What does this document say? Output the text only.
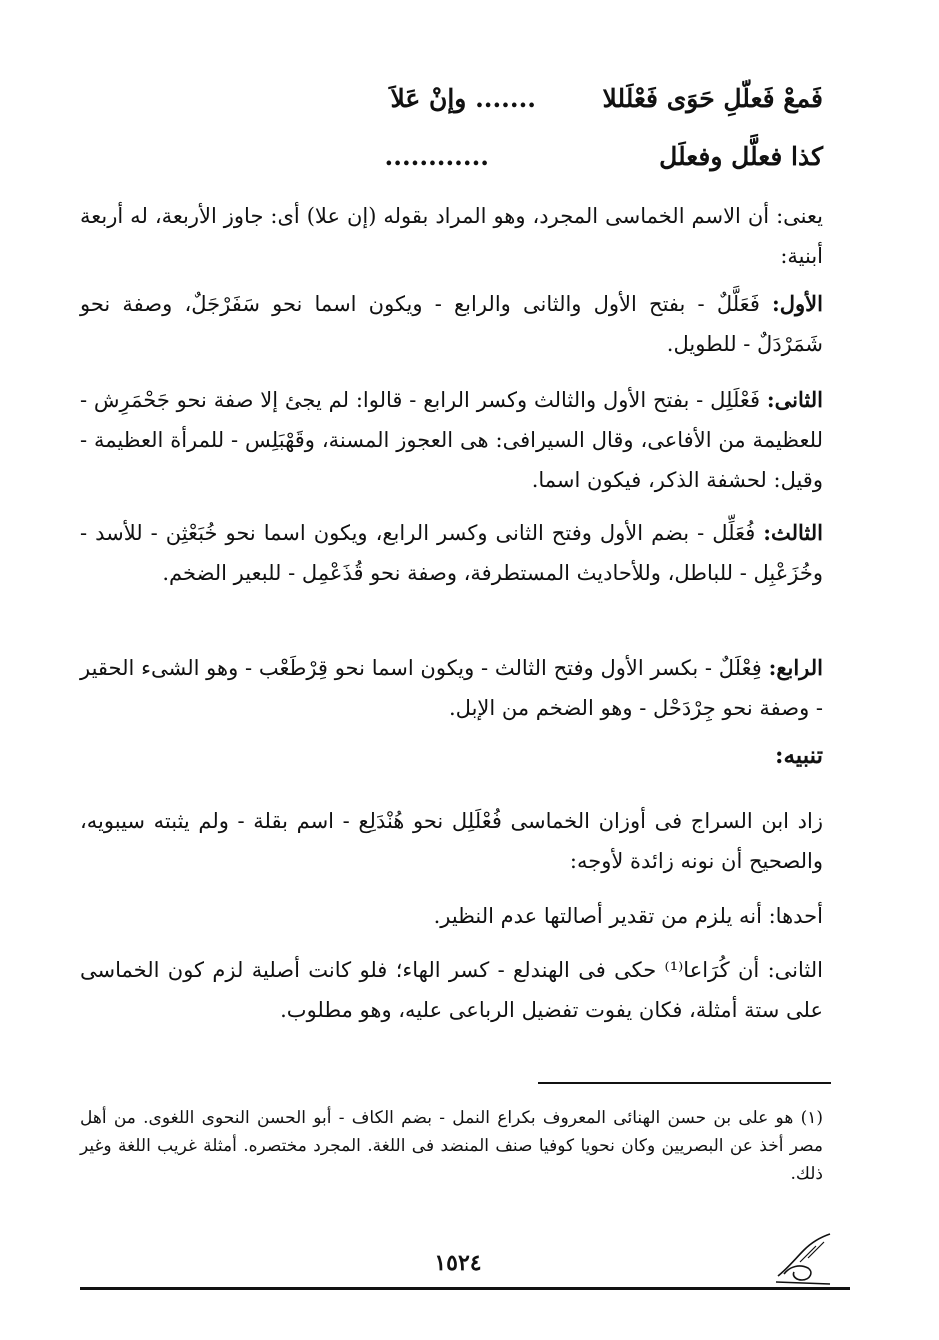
فَمعْ فَعلّلِ حَوَى فَعْلَللا
....... وإنْ عَلاَ
كذا فعلَّل وفعلَل
............

يعنى: أن الاسم الخماسى المجرد، وهو المراد بقوله (إن علا) أى: جاوز الأربعة، له أربعة أبنية:

الأول: فَعَلَّلٌ - بفتح الأول والثانى والرابع - ويكون اسما نحو سَفَرْجَلٌ، وصفة نحو شَمَرْدَلٌ - للطويل.

الثانى: فَعْلَلِل - بفتح الأول والثالث وكسر الرابع - قالوا: لم يجئ إلا صفة نحو جَحْمَرِش - للعظيمة من الأفاعى، وقال السيرافى: هى العجوز المسنة، وقَهْبَلِس - للمرأة العظيمة - وقيل: لحشفة الذكر، فيكون اسما.

الثالث: فُعَلِّل - بضم الأول وفتح الثانى وكسر الرابع، ويكون اسما نحو خُبَعْثِن - للأسد - وخُزَعْبِل - للباطل، وللأحاديث المستطرفة، وصفة نحو قُذَعْمِل - للبعير الضخم.

الرابع: فِعْلَلٌ - بكسر الأول وفتح الثالث - ويكون اسما نحو قِرْطَعْب - وهو الشىء الحقير - وصفة نحو جِرْدَحْل - وهو الضخم من الإبل.

تنبيه:

زاد ابن السراج فى أوزان الخماسى فُعْلَلِل نحو هُنْدَلِع - اسم بقلة - ولم يثبته سيبويه، والصحيح أن نونه زائدة لأوجه:

أحدها: أنه يلزم من تقدير أصالتها عدم النظير.

الثانى: أن كُرَاعا⁽¹⁾ حكى فى الهندلع - كسر الهاء؛ فلو كانت أصلية لزم كون الخماسى على ستة أمثلة، فكان يفوت تفضيل الرباعى عليه، وهو مطلوب.

(١) هو على بن حسن الهنائى المعروف بكراع النمل - بضم الكاف - أبو الحسن النحوى اللغوى. من أهل مصر أخذ عن البصريين وكان نحويا كوفيا صنف المنضد فى اللغة. المجرد مختصره. أمثلة غريب اللغة وغير ذلك.

١٥٢٤
